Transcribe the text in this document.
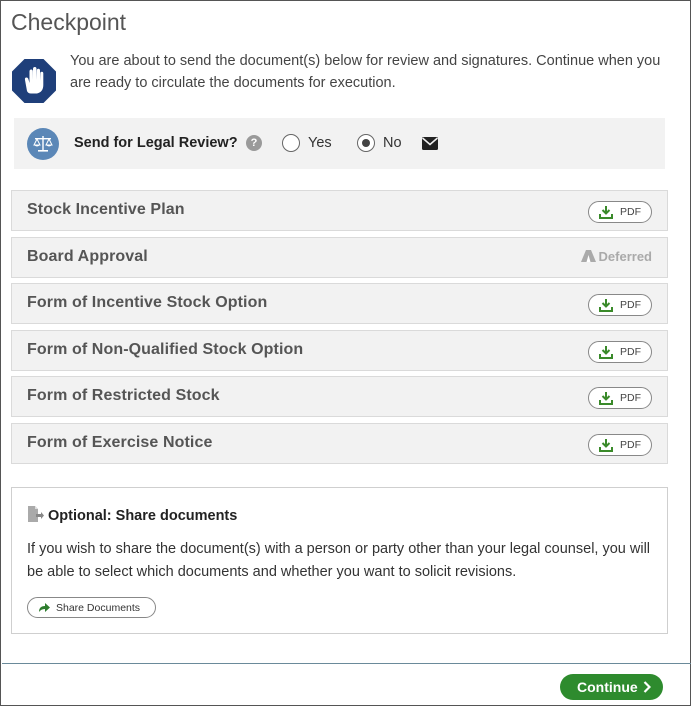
Checkpoint
You are about to send the document(s) below for review and signatures. Continue when you are ready to circulate the documents for execution.
Send for Legal Review?	?	Yes	No
Stock Incentive Plan	PDF
Board Approval	Deferred
Form of Incentive Stock Option	PDF
Form of Non-Qualified Stock Option	PDF
Form of Restricted Stock	PDF
Form of Exercise Notice	PDF
Optional: Share documents
If you wish to share the document(s) with a person or party other than your legal counsel, you will be able to select which documents and whether you want to solicit revisions.
Share Documents
Continue
